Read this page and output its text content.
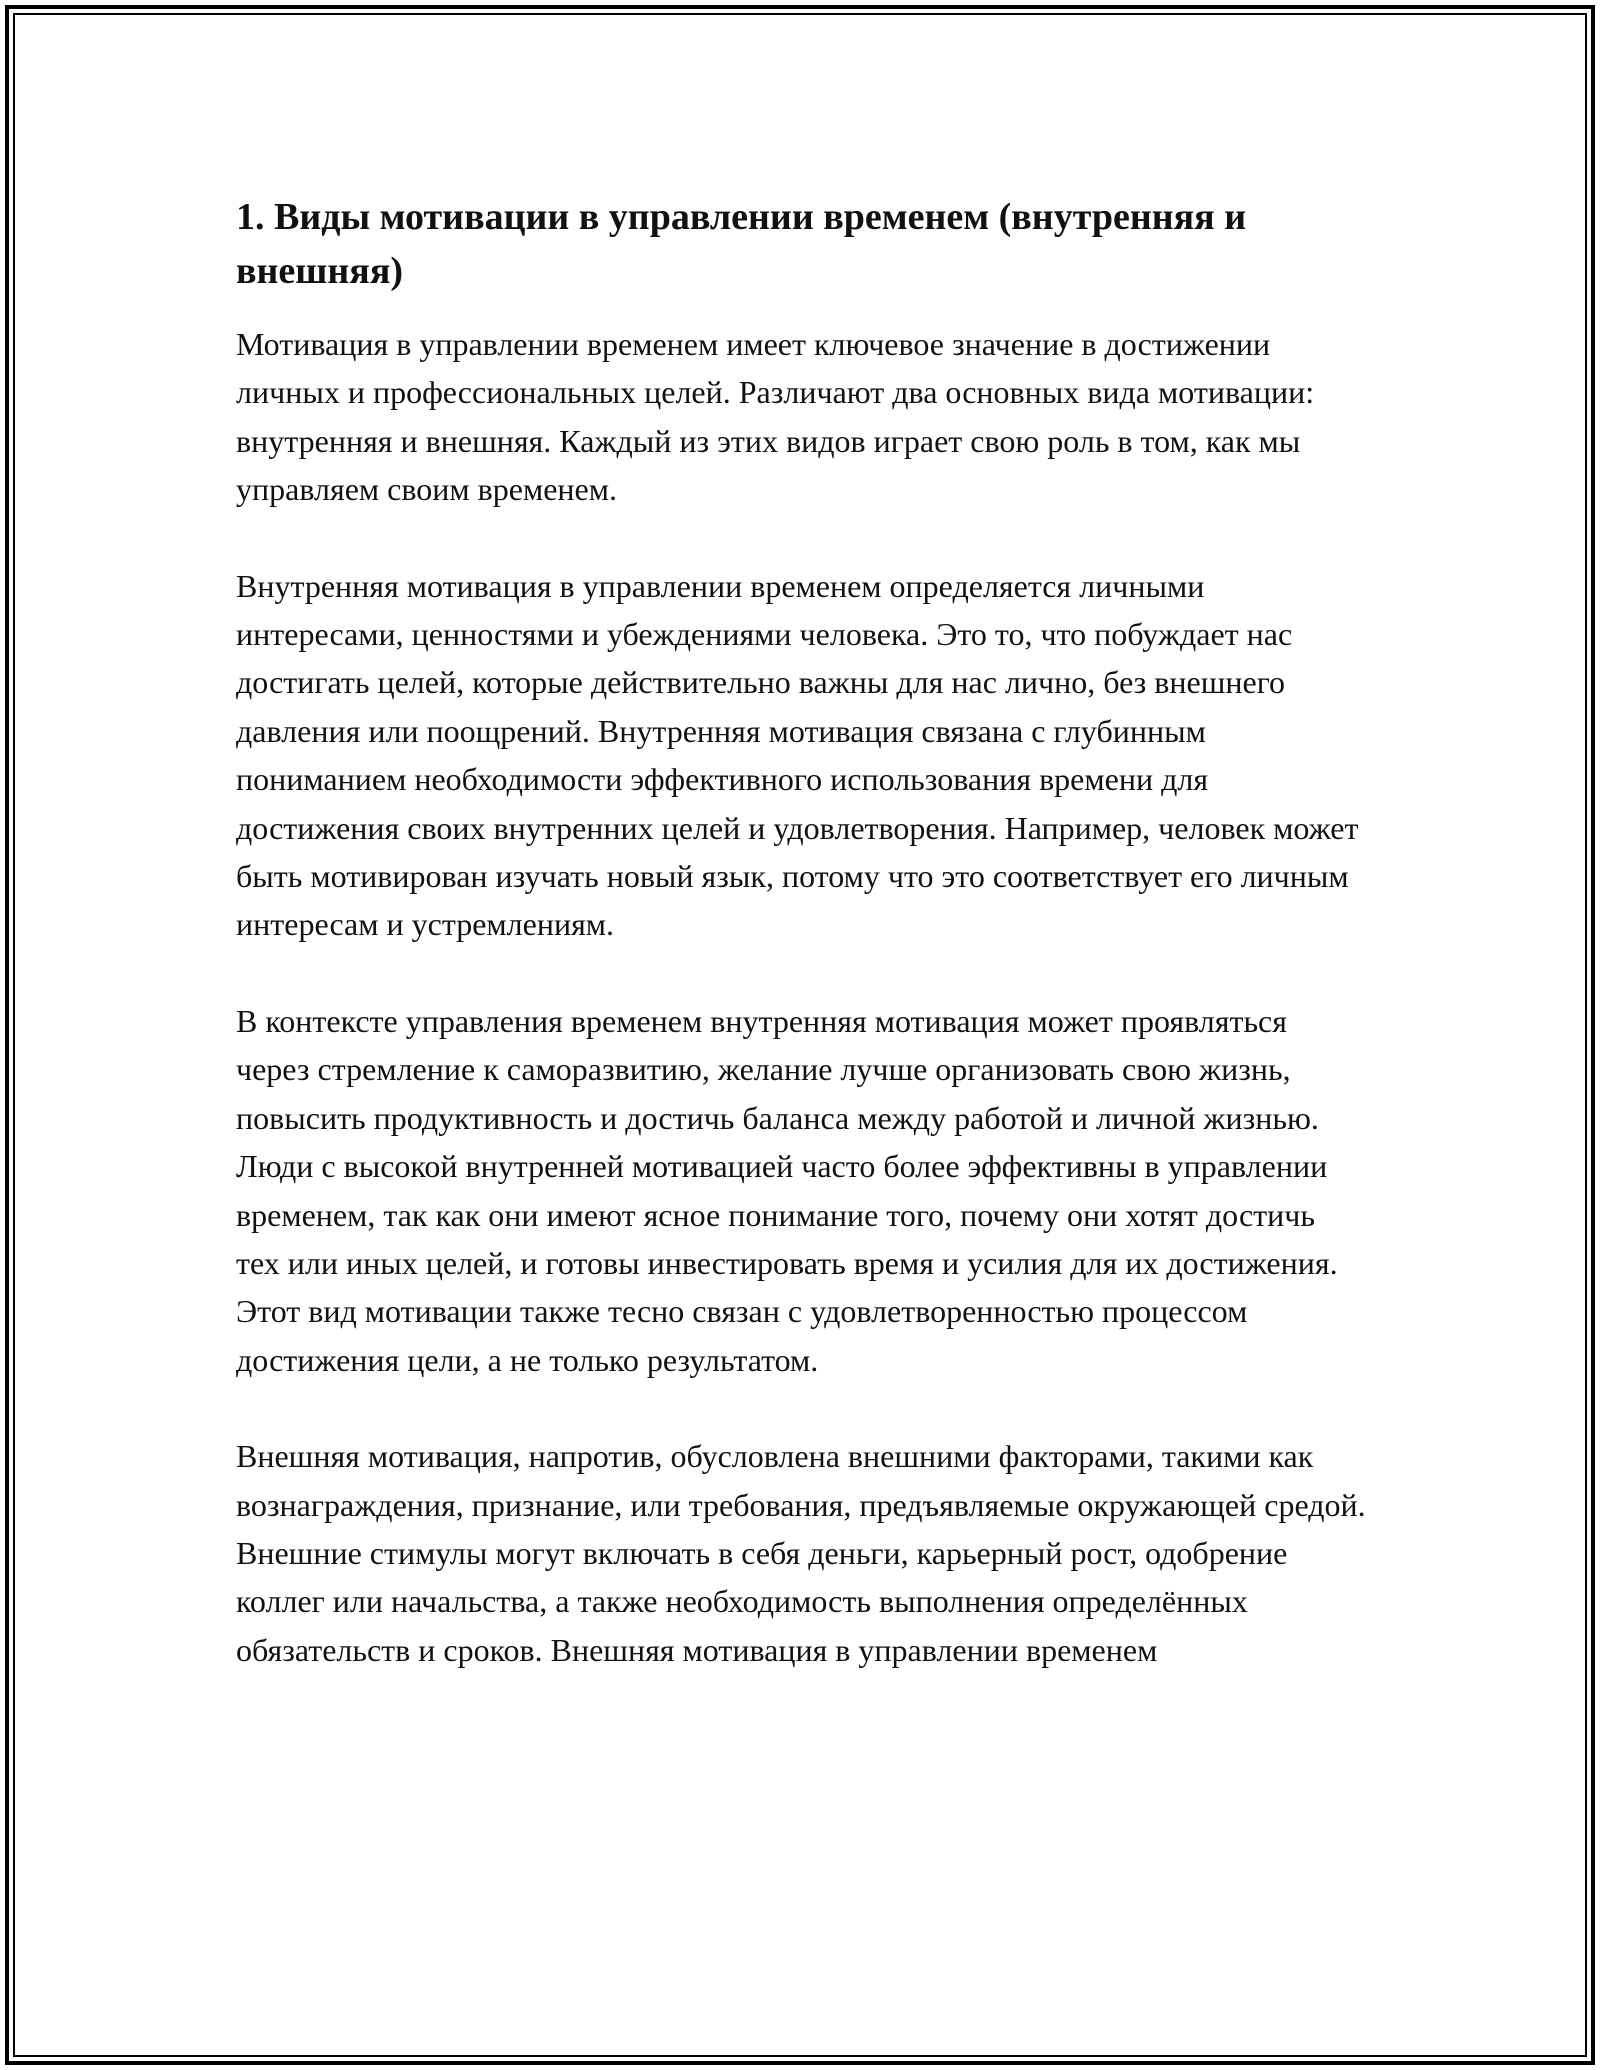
1. Виды мотивации в управлении временем (внутренняя и внешняя)

Мотивация в управлении временем имеет ключевое значение в достижении личных и профессиональных целей. Различают два основных вида мотивации: внутренняя и внешняя. Каждый из этих видов играет свою роль в том, как мы управляем своим временем.

Внутренняя мотивация в управлении временем определяется личными интересами, ценностями и убеждениями человека. Это то, что побуждает нас достигать целей, которые действительно важны для нас лично, без внешнего давления или поощрений. Внутренняя мотивация связана с глубинным пониманием необходимости эффективного использования времени для достижения своих внутренних целей и удовлетворения. Например, человек может быть мотивирован изучать новый язык, потому что это соответствует его личным интересам и устремлениям.

В контексте управления временем внутренняя мотивация может проявляться через стремление к саморазвитию, желание лучше организовать свою жизнь, повысить продуктивность и достичь баланса между работой и личной жизнью. Люди с высокой внутренней мотивацией часто более эффективны в управлении временем, так как они имеют ясное понимание того, почему они хотят достичь тех или иных целей, и готовы инвестировать время и усилия для их достижения. Этот вид мотивации также тесно связан с удовлетворенностью процессом достижения цели, а не только результатом.

Внешняя мотивация, напротив, обусловлена внешними факторами, такими как вознаграждения, признание, или требования, предъявляемые окружающей средой. Внешние стимулы могут включать в себя деньги, карьерный рост, одобрение коллег или начальства, а также необходимость выполнения определённых обязательств и сроков. Внешняя мотивация в управлении временем
